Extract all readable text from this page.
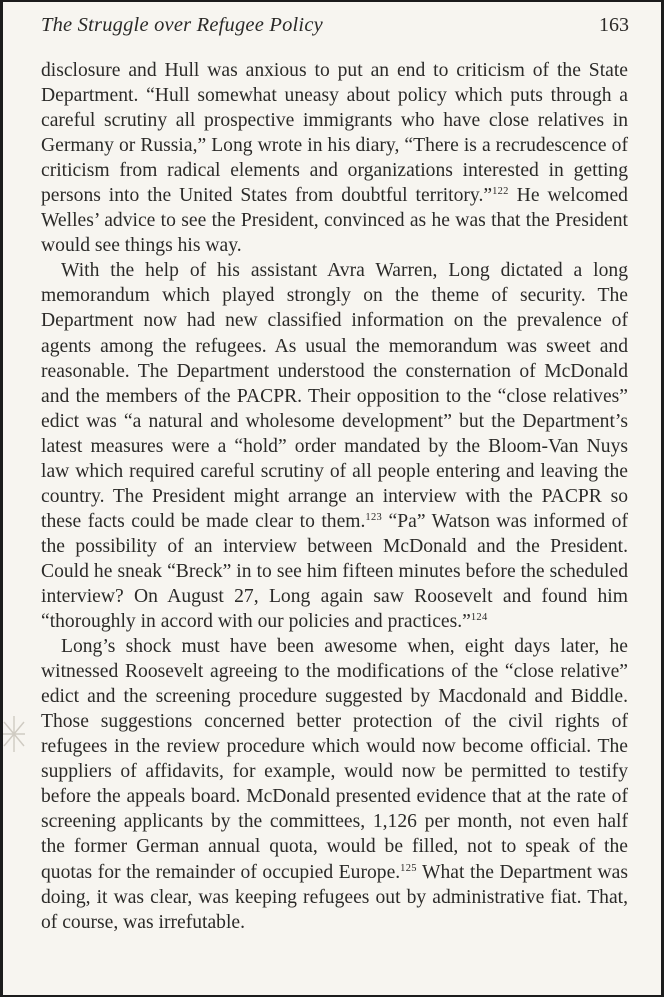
The Struggle over Refugee Policy	163

disclosure and Hull was anxious to put an end to criticism of the State Department. “Hull somewhat uneasy about policy which puts through a careful scrutiny all prospective immigrants who have close relatives in Germany or Russia,” Long wrote in his diary, “There is a recrudescence of criticism from radical elements and organizations interested in getting persons into the United States from doubtful territory.”$^{122}$ He welcomed Welles’ advice to see the President, convinced as he was that the President would see things his way.

With the help of his assistant Avra Warren, Long dictated a long memorandum which played strongly on the theme of security. The Department now had new classified information on the prevalence of agents among the refugees. As usual the memorandum was sweet and reasonable. The Department understood the consternation of McDonald and the members of the PACPR. Their opposition to the “close relatives” edict was “a natural and wholesome development” but the Department’s latest measures were a “hold” order mandated by the Bloom-Van Nuys law which required careful scrutiny of all people entering and leaving the country. The President might arrange an interview with the PACPR so these facts could be made clear to them.$^{123}$ “Pa” Watson was informed of the possibility of an interview between McDonald and the President. Could he sneak “Breck” in to see him fifteen minutes before the scheduled interview? On August 27, Long again saw Roosevelt and found him “thoroughly in accord with our policies and practices.”$^{124}$

Long’s shock must have been awesome when, eight days later, he witnessed Roosevelt agreeing to the modifications of the “close relative” edict and the screening procedure suggested by Macdonald and Biddle. Those suggestions concerned better protection of the civil rights of refugees in the review procedure which would now become official. The suppliers of affidavits, for example, would now be permitted to testify before the appeals board. McDonald presented evidence that at the rate of screening applicants by the committees, 1,126 per month, not even half the former German annual quota, would be filled, not to speak of the quotas for the remainder of occupied Europe.$^{125}$ What the Department was doing, it was clear, was keeping refugees out by administrative fiat. That, of course, was irrefutable.
